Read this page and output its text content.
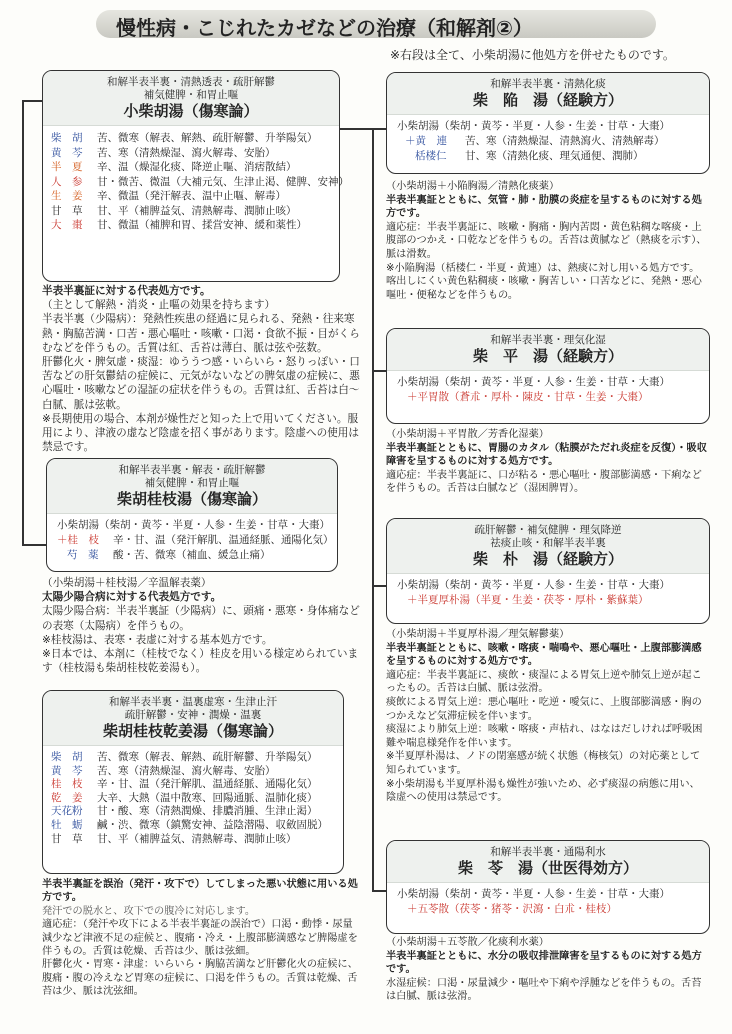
慢性病・こじれたカゼなどの治療（和解剤②）
※右段は全て、小柴胡湯に他処方を併せたものです。
和解半表半裏・清熱透表・疏肝解鬱
補気健脾・和胃止嘔
小柴胡湯（傷寒論）
柴　胡	苦、微寒（解表、解熱、疏肝解鬱、升挙陽気）
黄　芩	苦、寒（清熱燥湿、瀉火解毒、安胎）
半　夏	辛、温（燥湿化痰、降逆止嘔、消痞散結）
人　参	甘・微苦、微温（大補元気、生津止渇、健脾、安神）
生　姜	辛、微温（発汗解表、温中止嘔、解毒）
甘　草	甘、平（補脾益気、清熱解毒、潤肺止咳）
大　棗	甘、微温（補脾和胃、揉営安神、緩和薬性）

半表半裏証に対する代表処方です。

（主として解熱・消炎・止嘔の効果を持ちます）

半表半裏（少陽病）：発熱性疾患の経過に見られる、発熱・往来寒熱・胸脇苦満・口苦・悪心嘔吐・咳嗽・口渇・食欲不振・目がくらむなどを伴うもの。舌質は紅、舌苔は薄白、脈は弦や弦数。

肝鬱化火・脾気虚・痰湿：ゆううつ感・いらいら・怒りっぽい・口苦などの肝気鬱結の症候に、元気がないなどの脾気虚の症候に、悪心嘔吐・咳嗽などの湿証の症状を伴うもの。舌質は紅、舌苔は白～白膩、脈は弦軟。

※長期使用の場合、本剤が燥性だと知った上で用いてください。服用により、津液の虚など陰虚を招く事があります。陰虚への使用は禁忌です。

和解半表半裏・解表・疏肝解鬱
補気健脾・和胃止嘔
柴胡桂枝湯（傷寒論）
小柴胡湯（柴胡・黄芩・半夏・人参・生姜・甘草・大棗）
＋桂　枝	辛・甘、温（発汗解肌、温通経脈、通陽化気）
芍　薬	酸・苦、微寒（補血、緩急止痛）

（小柴胡湯＋桂枝湯／辛温解表薬）

太陽少陽合病に対する代表処方です。

太陽少陽合病：半表半裏証（少陽病）に、頭痛・悪寒・身体痛などの表寒（太陽病）を伴うもの。

※桂枝湯は、表寒・表虚に対する基本処方です。

※日本では、本剤に（桂枝でなく）桂皮を用いる様定められています（桂枝湯も柴胡桂枝乾姜湯も）。

和解半表半裏・温裏虚寒・生津止汗
疏肝解鬱・安神・潤燥・温裏
柴胡桂枝乾姜湯（傷寒論）
柴　胡	苦、微寒（解表、解熱、疏肝解鬱、升挙陽気）
黄　芩	苦、寒（清熱燥湿、瀉火解毒、安胎）
桂　枝	辛・甘、温（発汗解肌、温通経脈、通陽化気）
乾　姜	大辛、大熱（温中散寒、回陽通脈、温肺化痰）
天花粉	甘・酸、寒（清熱潤燥、排膿消腫、生津止渇）
牡　蛎	鹹・渋、微寒（鎮驚安神、益陰潜陽、収斂固脱）
甘　草	甘、平（補脾益気、清熱解毒、潤肺止咳）

半表半裏証を誤治（発汗・攻下で）してしまった悪い状態に用いる処方です。

発汗での脱水と、攻下での腹冷に対応します。

適応症：（発汗や攻下による半表半裏証の誤治で）口渇・動悸・尿量減少など津液不足の症候と、腹痛・冷え・上腹部膨満感など脾陽虚を伴うもの。舌質は乾燥、舌苔は少、脈は弦細。

肝鬱化火・胃寒・津虚：いらいら・胸脇苦満など肝鬱化火の症候に、腹痛・腹の冷えなど胃寒の症候に、口渇を伴うもの。舌質は乾燥、舌苔は少、脈は沈弦細。

和解半表半裏・清熱化痰
柴　陥　湯（経験方）
小柴胡湯（柴胡・黄芩・半夏・人参・生姜・甘草・大棗）
＋黄　連	苦、寒（清熱燥湿、清熱瀉火、清熱解毒）
栝楼仁	甘、寒（清熱化痰、理気通便、潤肺）

（小柴胡湯＋小陥胸湯／清熱化痰薬）

半表半裏証とともに、気管・肺・肋膜の炎症を呈するものに対する処方です。

適応症：半表半裏証に、咳嗽・胸痛・胸内苦悶・黄色粘稠な喀痰・上腹部のつかえ・口乾などを伴うもの。舌苔は黄膩など（熱痰を示す）、脈は滑数。

※小陥胸湯（栝楼仁・半夏・黄連）は、熱痰に対し用いる処方です。喀出しにくい黄色粘稠痰・咳嗽・胸苦しい・口苦などに、発熱・悪心嘔吐・便秘などを伴うもの。

和解半表半裏・理気化湿
柴　平　湯（経験方）
小柴胡湯（柴胡・黄芩・半夏・人参・生姜・甘草・大棗）
＋平胃散（蒼朮・厚朴・陳皮・甘草・生姜・大棗）

（小柴胡湯＋平胃散／芳香化湿薬）

半表半裏証とともに、胃腸のカタル（粘膜がただれ炎症を反復）・吸収障害を呈するものに対する処方です。

適応症：半表半裏証に、口が粘る・悪心嘔吐・腹部膨満感・下痢などを伴うもの。舌苔は白膩など（湿困脾胃）。

疏肝解鬱・補気健脾・理気降逆
祛痰止咳・和解半表半裏
柴　朴　湯（経験方）
小柴胡湯（柴胡・黄芩・半夏・人参・生姜・甘草・大棗）
＋半夏厚朴湯（半夏・生姜・茯苓・厚朴・紫蘇葉）

（小柴胡湯＋半夏厚朴湯／理気解鬱薬）

半表半裏証とともに、咳嗽・喀痰・喘鳴や、悪心嘔吐・上腹部膨満感を呈するものに対する処方です。

適応症：半表半裏証に、痰飲・痰湿による胃気上逆や肺気上逆が起こったもの。舌苔は白膩、脈は弦滑。

痰飲による胃気上逆：悪心嘔吐・吃逆・噯気に、上腹部膨満感・胸のつかえなど気滞症候を伴います。

痰湿により肺気上逆：咳嗽・喀痰・声枯れ、はなはだしければ呼吸困難や喘息様発作を伴います。

※半夏厚朴湯は、ノドの閉塞感が続く状態（梅核気）の対応薬として知られています。

※小柴胡湯も半夏厚朴湯も燥性が強いため、必ず痰湿の病態に用い、陰虚への使用は禁忌です。

和解半表半裏・通陽利水
柴　苓　湯（世医得効方）
小柴胡湯（柴胡・黄芩・半夏・人参・生姜・甘草・大棗）
＋五苓散（茯苓・猪苓・沢瀉・白朮・桂枝）

（小柴胡湯＋五苓散／化痰利水薬）

半表半裏証とともに、水分の吸収排泄障害を呈するものに対する処方です。

水湿症候：口渇・尿量減少・嘔吐や下痢や浮腫などを伴うもの。舌苔は白膩、脈は弦滑。
